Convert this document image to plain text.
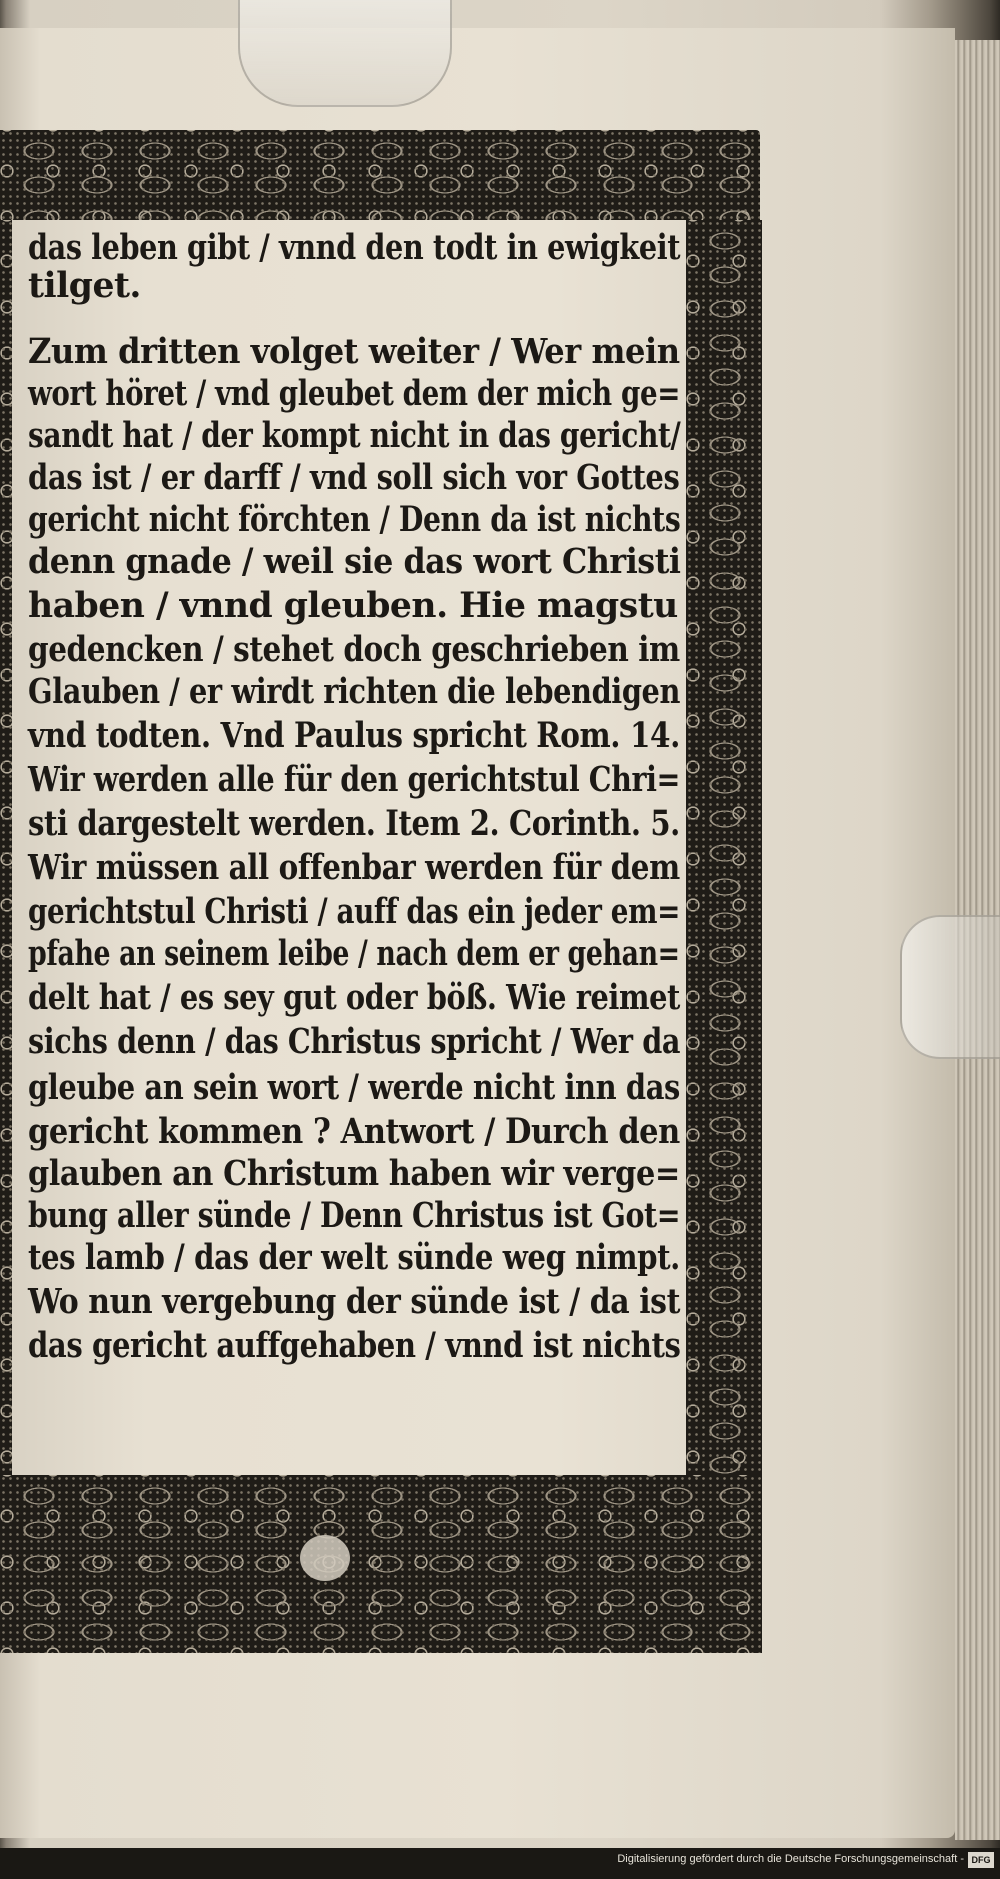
das leben gibt / vnnd den todt in ewigkeit
tilget.
Zum dritten volget weiter / Wer mein
wort höret / vnd gleubet dem der mich ge=
sandt hat / der kompt nicht in das gericht/
das ist / er darff / vnd soll sich vor Gottes
gericht nicht förchten / Denn da ist nichts
denn gnade / weil sie das wort Christi
haben / vnnd gleuben. Hie magstu
gedencken / stehet doch geschrieben im
Glauben / er wirdt richten die lebendigen
vnd todten. Vnd Paulus spricht Rom. 14.
Wir werden alle für den gerichtstul Chri=
sti dargestelt werden. Item 2. Corinth. 5.
Wir müssen all offenbar werden für dem
gerichtstul Christi / auff das ein jeder em=
pfahe an seinem leibe / nach dem er gehan=
delt hat / es sey gut oder böß. Wie reimet
sichs denn / das Christus spricht / Wer da
gleube an sein wort / werde nicht inn das
gericht kommen ? Antwort / Durch den
glauben an Christum haben wir verge=
bung aller sünde / Denn Christus ist Got=
tes lamb / das der welt sünde weg nimpt.
Wo nun vergebung der sünde ist / da ist
das gericht auffgehaben / vnnd ist nichts
Digitalisierung gefördert durch die Deutsche Forschungsgemeinschaft - DFG
